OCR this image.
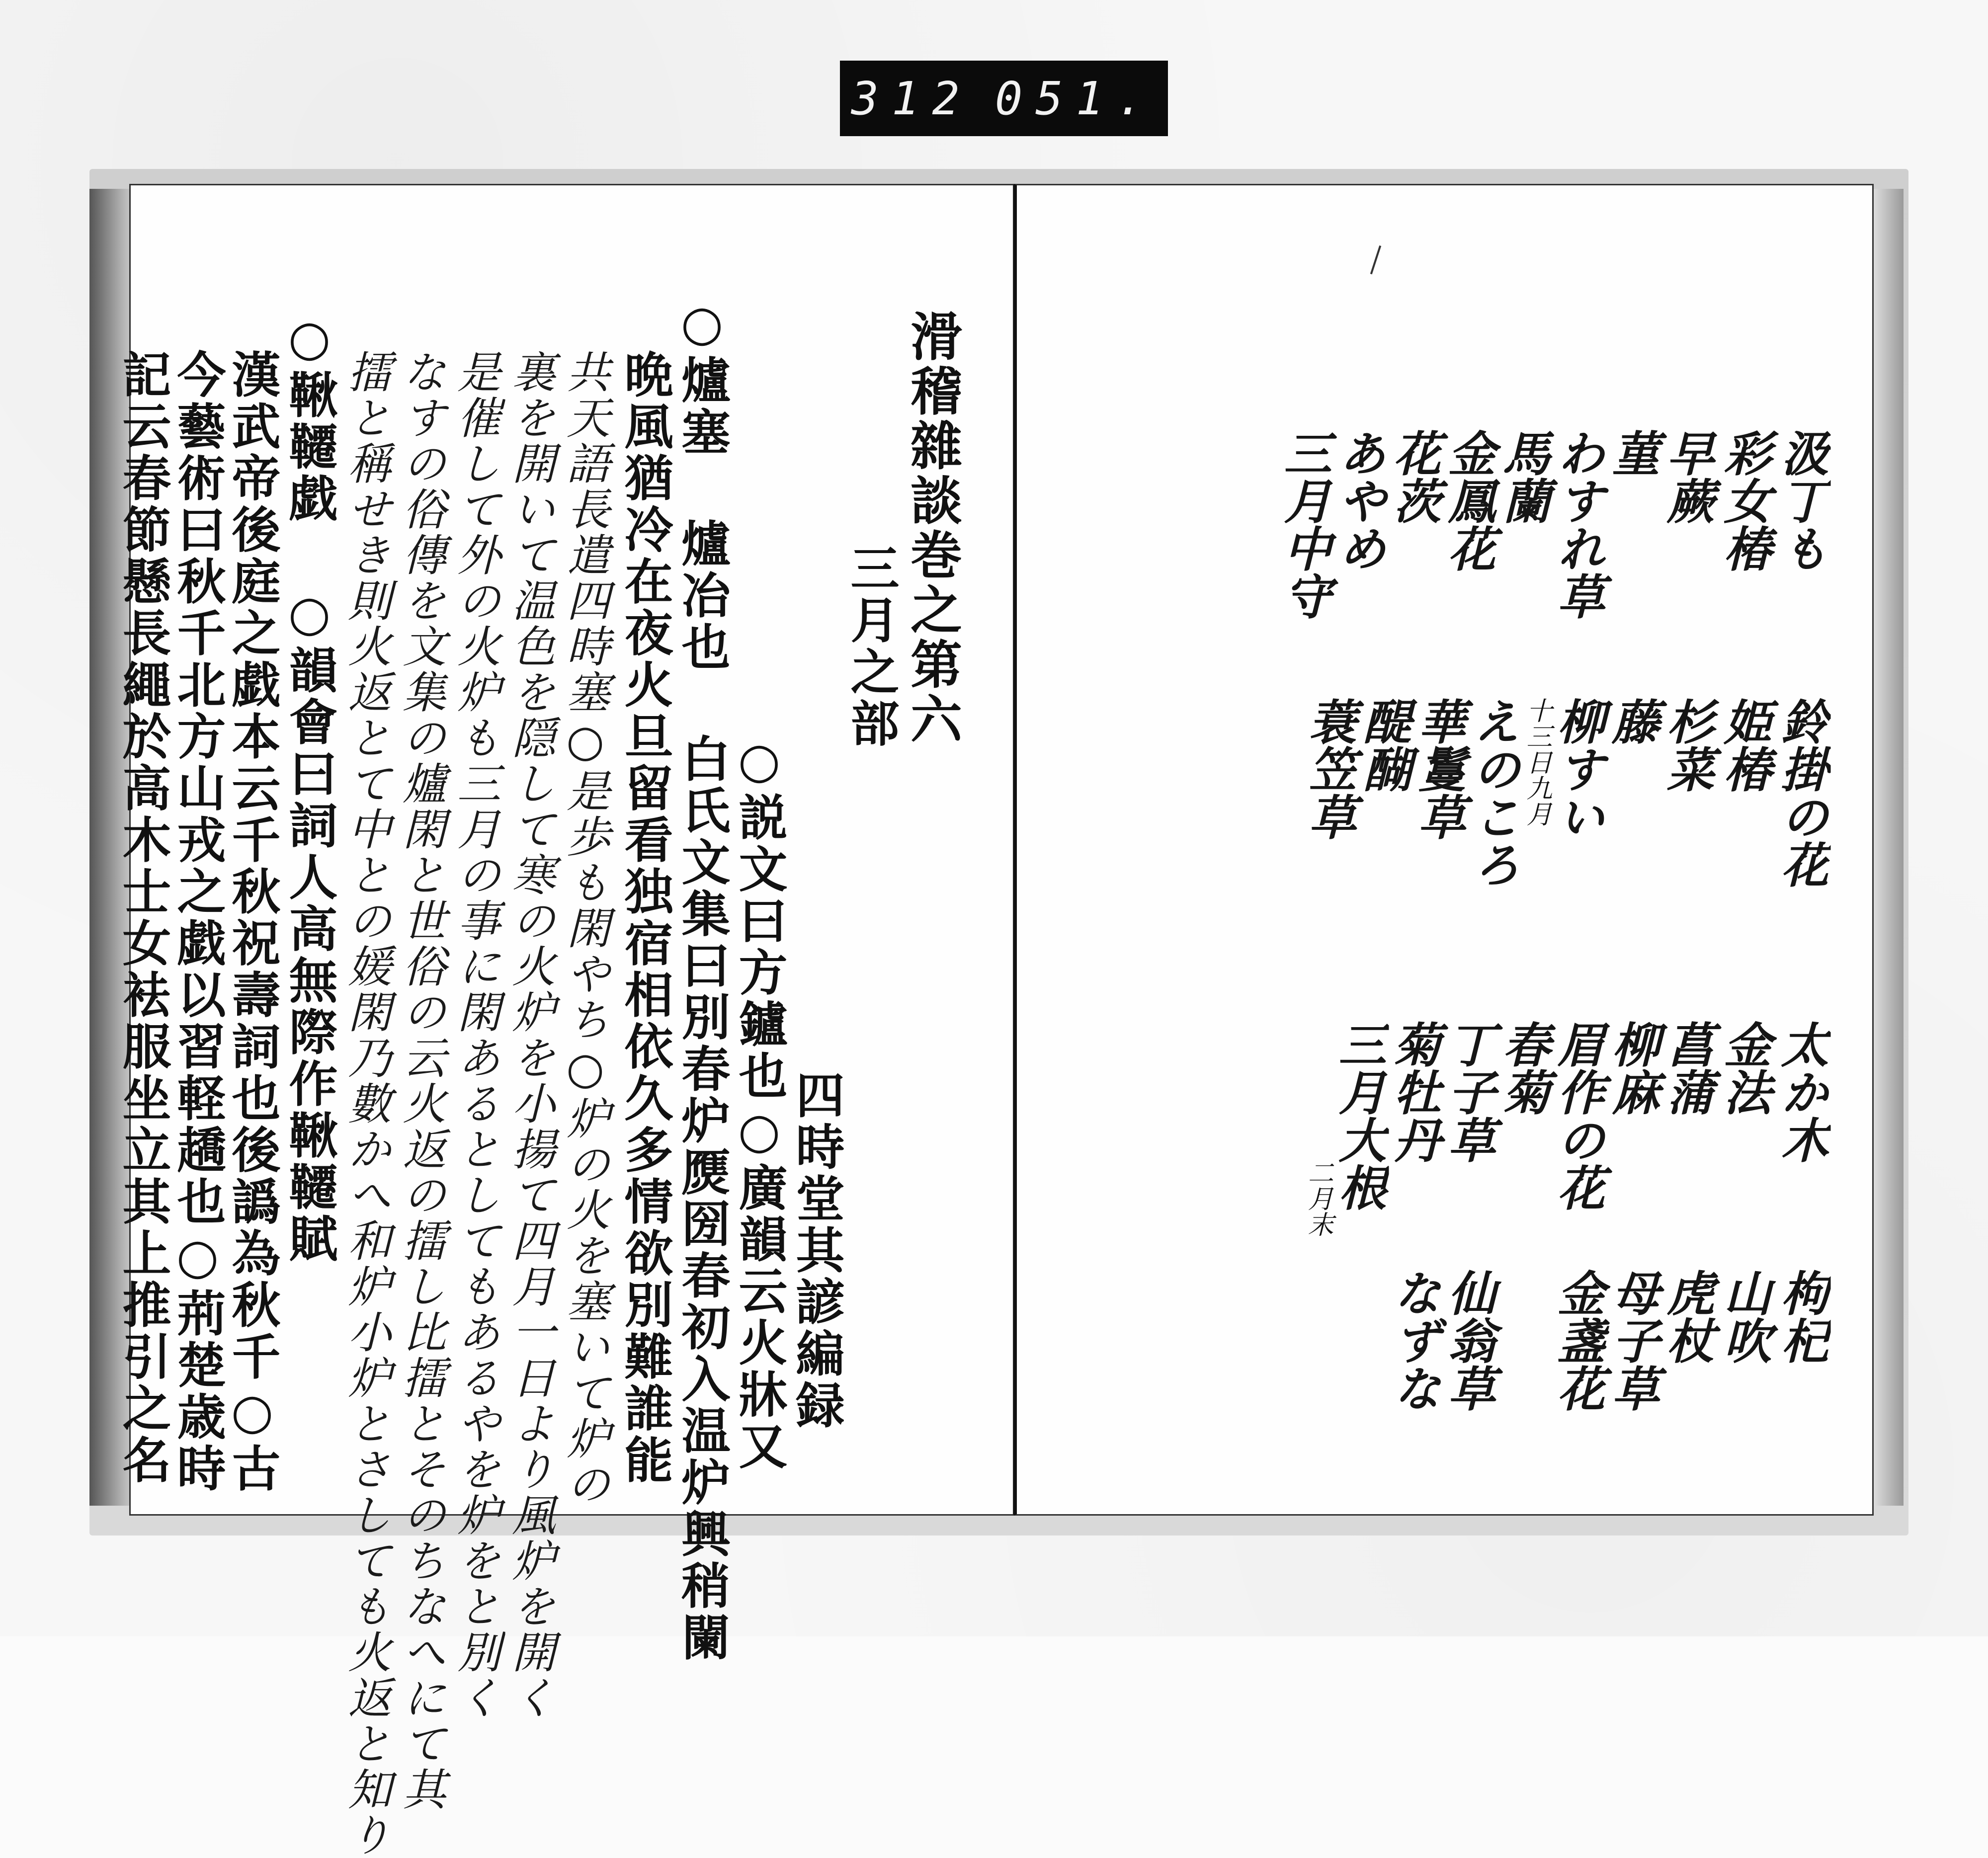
312 051.
滑稽雜談巻之第六
三月之部
四時堂其諺編録
○説文曰方鑪也○廣韻云火牀又
○爐塞 爐冶也 白氏文集曰別春炉㷳圀春初入温炉興稍闌
晩風猶冷在夜火旦留看独宿相依久多情欲別難誰能
共天語長遣四時塞○是歩も閑やち○炉の火を塞いて炉の
裏を開いて温色を隠して寒の火炉を小揚て四月一日より風炉を開く
是催して外の火炉も三月の事に閑あるとしてもあるやを炉をと別く
なすの俗傳を文集の爐閑と世俗の云火返の擂し比擂とそのちなへにて其
擂と稱せき則火返とて中との媛閑乃數かへ和炉小炉とさしても火返と知り
○鞦韆戯 ○韻會曰詞人高無際作鞦韆賦
漢武帝後庭之戯本云千秋祝壽詞也後譌為秋千○古
今藝術曰秋千北方山戎之戯以習軽趫也○荊楚歳時
記云春節懸長繩於高木士女袪服坐立其上推引之名	汲丁も
彩女椿
早蕨
菫
わすれ草
馬蘭
金鳳花
花茨
あやめ
三月中守
鈴掛の花
姫椿
杉菜
藤
柳すい
十三日九月
えのころ
華鬘草
醍醐
蓑笠草
太か木
金法
菖蒲
柳麻
眉作の花
春菊
丁子草
菊牡丹
三月大根
二月末
枸杞
山吹
虎杖
母子草
金盞花
仙翁草
なずな
